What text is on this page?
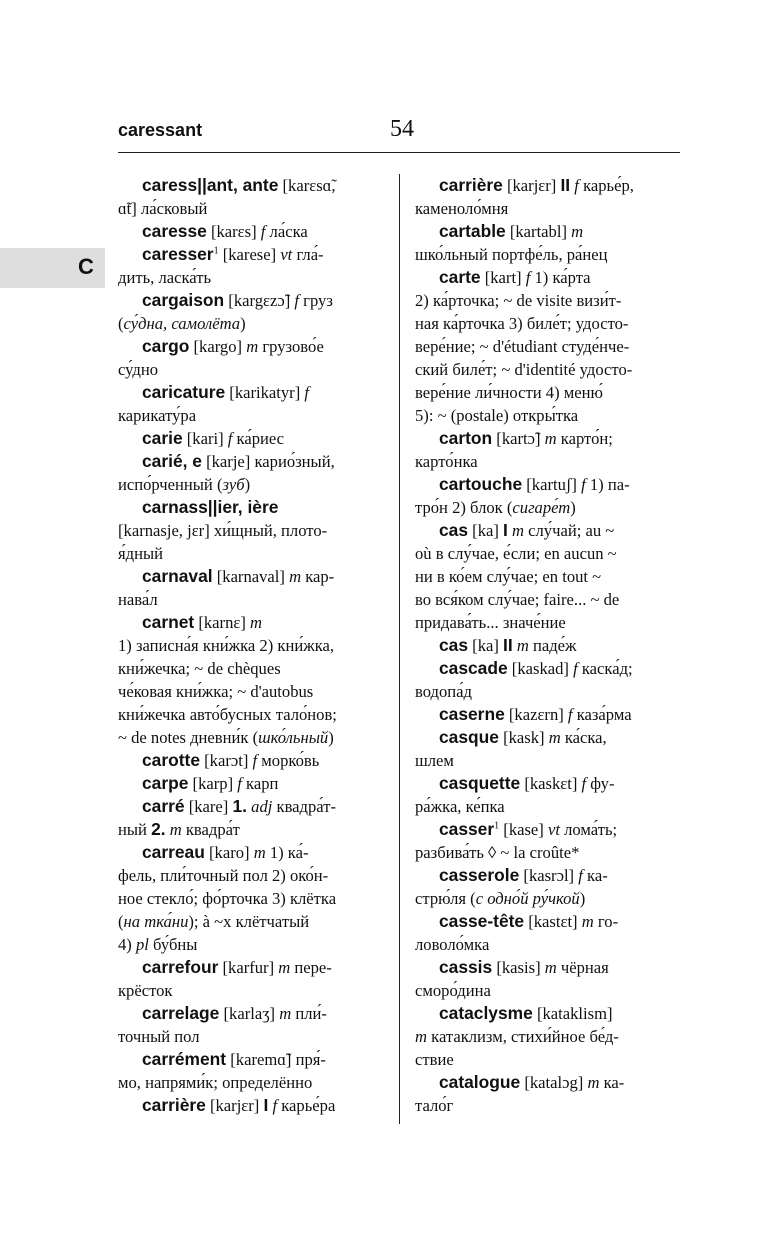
caressant	54
C
caress||ant, ante [karɛsɑ̃,
ɑ̃t] ла́сковый
caresse [karɛs] f ла́ска
caresser$^1$ [karese] vt гла́-
дить, ласка́ть
cargaison [kargɛzɔ̃] f груз
(су́дна, самолёта)
cargo [kargo] m грузово́е
су́дно
caricature [karikatyr] f
карикату́ра
carie [kari] f ка́риес
carié, e [karje] карио́зный,
испо́рченный (зуб)
carnass||ier, ière
[karnasje, jɛr] хи́щный, плото-
я́дный
carnaval [karnaval] m кар-
нава́л
carnet [karnɛ] m
1) записна́я кни́жка 2) кни́жка,
кни́жечка; ~ de chèques
че́ковая кни́жка; ~ d'autobus
кни́жечка авто́бусных тало́нов;
~ de notes дневни́к (шко́льный)
carotte [karɔt] f морко́вь
carpe [karp] f карп
carré [kare] 1. adj квадра́т-
ный 2. m квадра́т
carreau [karo] m 1) ка́-
фель, пли́точный пол 2) око́н-
ное стекло́; фо́рточка 3) клётка
(на тка́ни); à ~x клётчатый
4) pl бу́бны
carrefour [karfur] m пере-
крёсток
carrelage [karlaʒ] m пли́-
точный пол
carrément [karemɑ̃] пря́-
мо, напрями́к; определённо
carrière [karjɛr] I f карье́ра
carrière [karjɛr] II f карье́р,
каменоло́мня
cartable [kartabl] m
шко́льный портфе́ль, ра́нец
carte [kart] f 1) ка́рта
2) ка́рточка; ~ de visite визи́т-
ная ка́рточка 3) биле́т; удосто-
вере́ние; ~ d'étudiant студе́нче-
ский биле́т; ~ d'identité удосто-
вере́ние ли́чности 4) меню́
5): ~ (postale) откры́тка
carton [kartɔ̃] m карто́н;
карто́нка
cartouche [kartuʃ] f 1) па-
тро́н 2) блок (сигаре́т)
cas [ka] I m слу́чай; au ~
où в слу́чае, е́сли; en aucun ~
ни в ко́ем слу́чае; en tout ~
во вся́ком слу́чае; faire... ~ de
придава́ть... значе́ние
cas [ka] II m паде́ж
cascade [kaskad] f каска́д;
водопа́д
caserne [kazɛrn] f каза́рма
casque [kask] m ка́ска,
шлем
casquette [kaskɛt] f фу-
ра́жка, ке́пка
casser$^1$ [kase] vt лома́ть;
разбива́ть ◊ ~ la croûte*
casserole [kasrɔl] f ка-
стрю́ля (с одно́й ру́чкой)
casse-tête [kastɛt] m го-
ловоло́мка
cassis [kasis] m чёрная
сморо́дина
cataclysme [kataklism]
m катаклизм, стихи́йное бе́д-
ствие
catalogue [katalɔg] m ка-
тало́г
